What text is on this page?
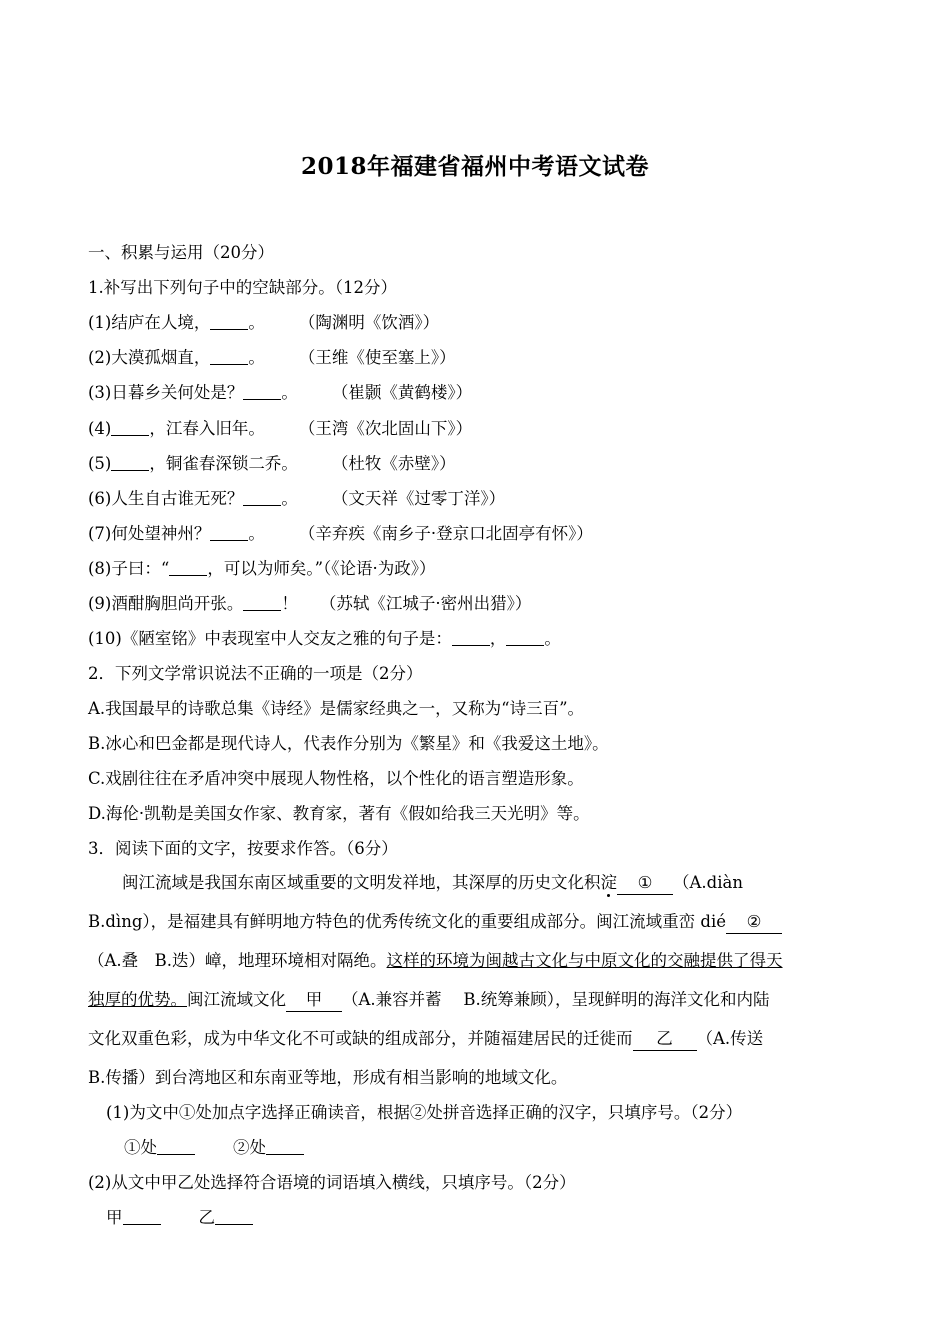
2018年福建省福州中考语文试卷
一、积累与运用（20分）
1.补写出下列句子中的空缺部分。（12分）
(1)结庐在人境， 。 （陶渊明《饮酒》）
(2)大漠孤烟直， 。 （王维《使至塞上》）
(3)日暮乡关何处是？ 。 （崔颢《黄鹤楼》）
(4) ，江春入旧年。 （王湾《次北固山下》）
(5) ，铜雀春深锁二乔。 （杜牧《赤壁》）
(6)人生自古谁无死？ 。 （文天祥《过零丁洋》）
(7)何处望神州？ 。 （辛弃疾《南乡子·登京口北固亭有怀》）
(8)子曰：“ ，可以为师矣。”（《论语·为政》）
(9)酒酣胸胆尚开张。 ！ （苏轼《江城子·密州出猎》）
(10)《陋室铭》中表现室中人交友之雅的句子是： ， 。
2．下列文学常识说法不正确的一项是（2分）
A.我国最早的诗歌总集《诗经》是儒家经典之一，又称为“诗三百”。
B.冰心和巴金都是现代诗人，代表作分别为《繁星》和《我爱这土地》。
C.戏剧往往在矛盾冲突中展现人物性格，以个性化的语言塑造形象。
D.海伦·凯勒是美国女作家、教育家，著有《假如给我三天光明》等。
3．阅读下面的文字，按要求作答。（6分）
闽江流域是我国东南区域重要的文明发祥地，其深厚的历史文化积淀 ① （A.diàn
B.dìng），是福建具有鲜明地方特色的优秀传统文化的重要组成部分。闽江流域重峦 dié ②
（A.叠　B.迭）嶂，地理环境相对隔绝。这样的环境为闽越古文化与中原文化的交融提供了得天
独厚的优势。闽江流域文化 甲 （A.兼容并蓄　 B.统筹兼顾），呈现鲜明的海洋文化和内陆
文化双重色彩，成为中华文化不可或缺的组成部分，并随福建居民的迁徙而 乙 （A.传送
B.传播）到台湾地区和东南亚等地，形成有相当影响的地域文化。
(1)为文中①处加点字选择正确读音，根据②处拼音选择正确的汉字，只填序号。（2分）
①处	②处
(2)从文中甲乙处选择符合语境的词语填入横线，只填序号。（2分）
甲	乙
